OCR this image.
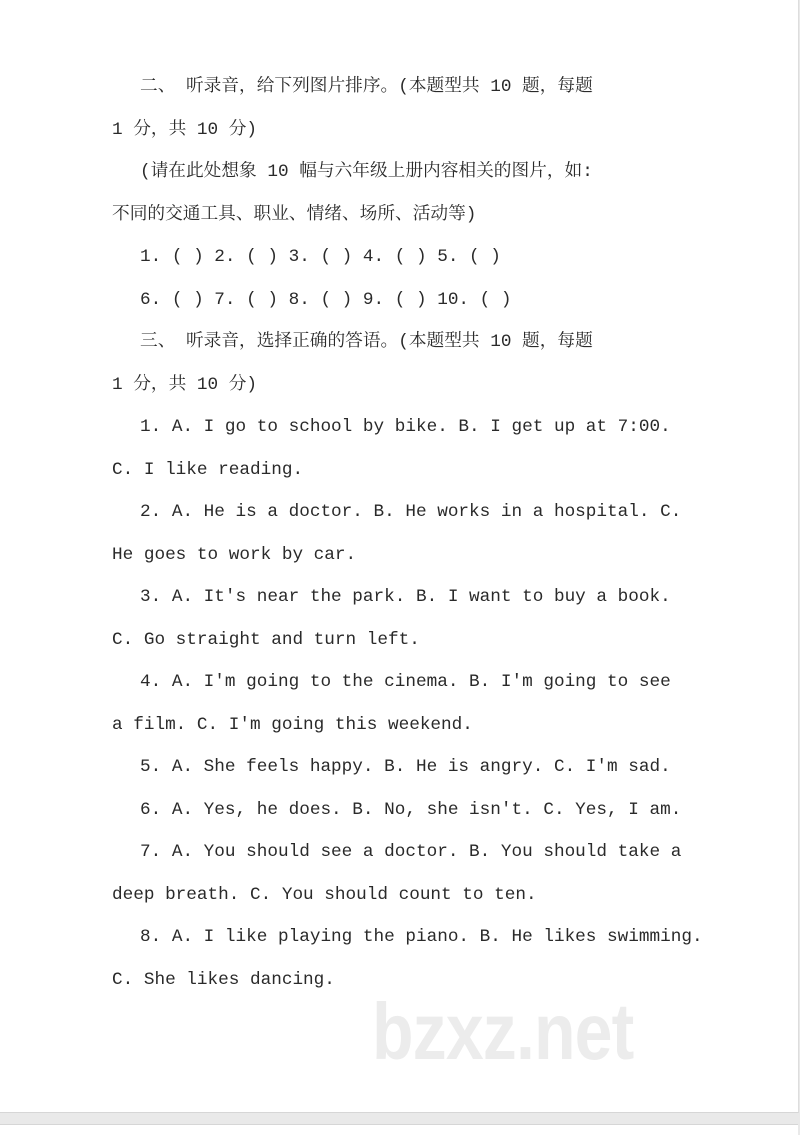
二、 听录音，给下列图片排序。(本题型共 10 题，每题
1 分，共 10 分)
(请在此处想象 10 幅与六年级上册内容相关的图片，如:
不同的交通工具、职业、情绪、场所、活动等)
1. ( ) 2. ( ) 3. ( ) 4. ( ) 5. ( )
6. ( ) 7. ( ) 8. ( ) 9. ( ) 10. ( )
三、 听录音，选择正确的答语。(本题型共 10 题，每题
1 分，共 10 分)
1. A. I go to school by bike. B. I get up at 7:00.
C. I like reading.
2. A. He is a doctor. B. He works in a hospital. C.
He goes to work by car.
3. A. It's near the park. B. I want to buy a book.
C. Go straight and turn left.
4. A. I'm going to the cinema. B. I'm going to see
a film. C. I'm going this weekend.
5. A. She feels happy. B. He is angry. C. I'm sad.
6. A. Yes, he does. B. No, she isn't. C. Yes, I am.
7. A. You should see a doctor. B. You should take a
deep breath. C. You should count to ten.
8. A. I like playing the piano. B. He likes swimming.
C. She likes dancing.
bzxz.net
